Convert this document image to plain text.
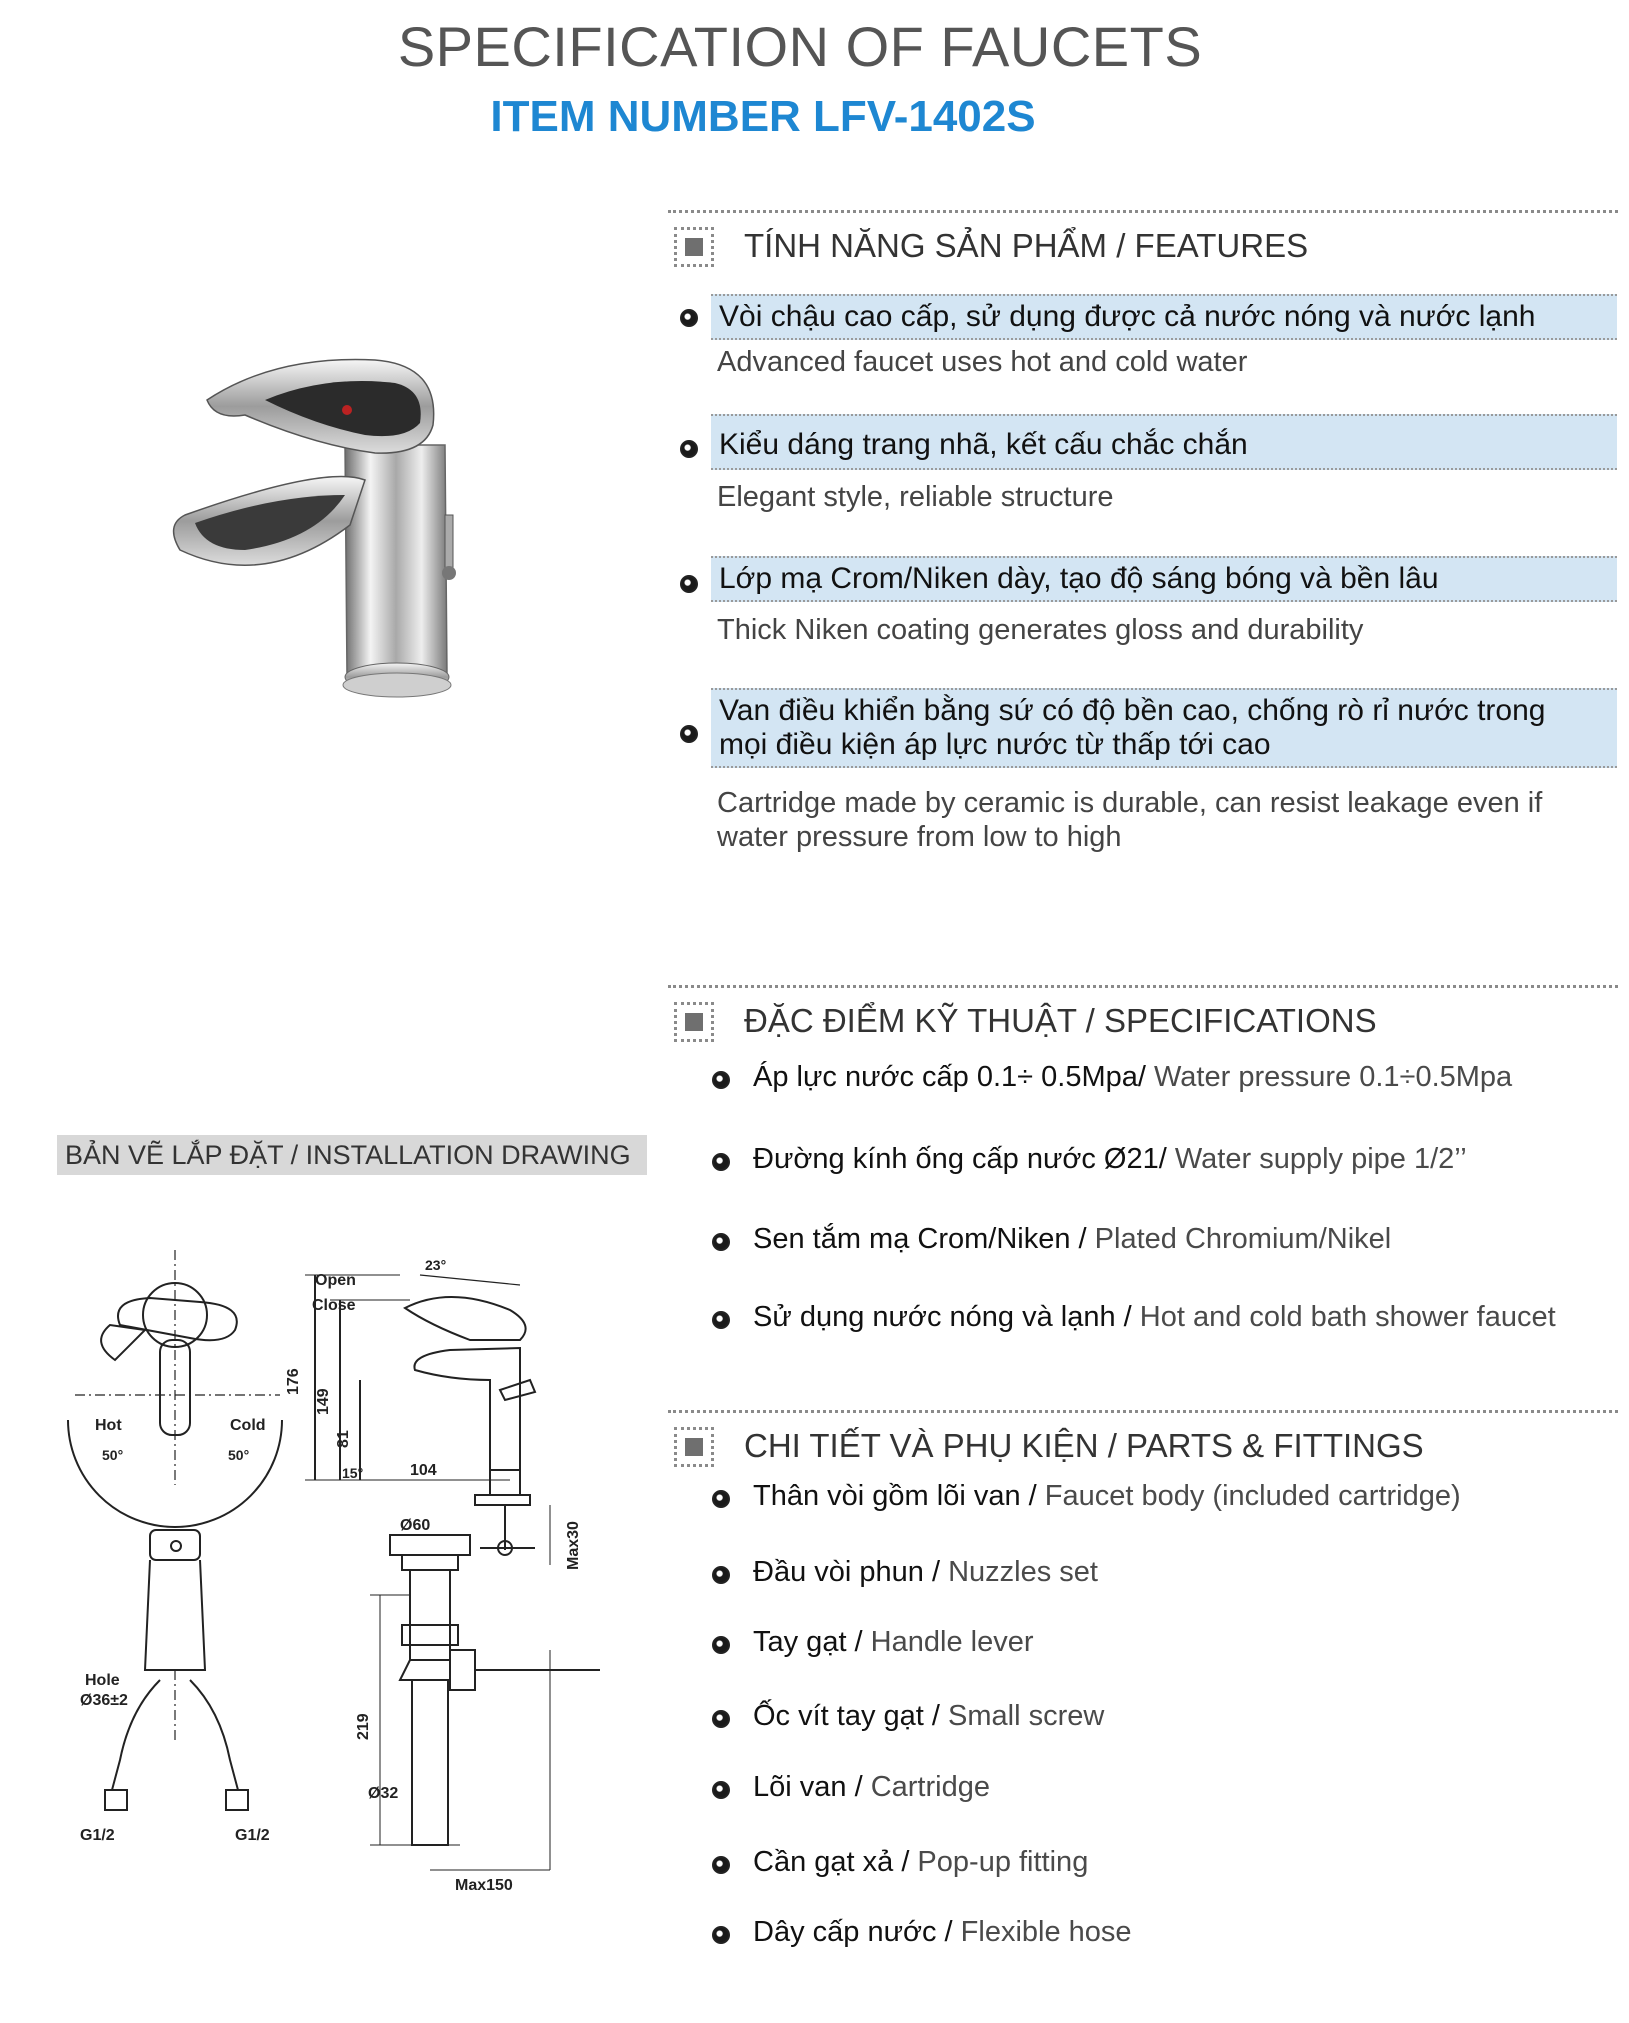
SPECIFICATION OF FAUCETS
ITEM NUMBER LFV-1402S
TÍNH NĂNG SẢN PHẨM / FEATURES
Vòi chậu cao cấp, sử dụng được cả nước nóng và nước lạnh
Advanced faucet uses hot and cold water
Kiểu dáng trang nhã, kết cấu chắc chắn
Elegant style, reliable structure
Lớp mạ Crom/Niken dày, tạo độ sáng bóng và bền lâu
Thick Niken coating generates gloss and durability
Van điều khiển bằng sứ có độ bền cao, chống rò rỉ nước trong mọi điều kiện áp lực nước từ thấp tới cao
Cartridge made by ceramic is durable, can resist leakage even if water pressure from low to high
ĐẶC ĐIỂM KỸ THUẬT / SPECIFICATIONS
Áp lực nước cấp 0.1÷ 0.5Mpa/ Water pressure 0.1÷0.5Mpa
Đường kính ống cấp nước Ø21/ Water supply pipe 1/2’’
Sen tắm mạ Crom/Niken / Plated Chromium/Nikel
Sử dụng nước nóng và lạnh / Hot and cold bath shower faucet
CHI TIẾT VÀ PHỤ KIỆN / PARTS & FITTINGS
Thân vòi gồm lõi van / Faucet body (included cartridge)
Đầu vòi phun / Nuzzles set
Tay gạt / Handle lever
Ốc vít tay gạt / Small screw
Lõi van / Cartridge
Cần gạt xả / Pop-up fitting
Dây cấp nước / Flexible hose
BẢN VẼ LẮP ĐẶT / INSTALLATION DRAWING
Hot	Cold
50°	50°
Open
Close
23°
176
149
81
15°	104
Max30
Hole
Ø36±2
G1/2	G1/2
Ø60
219
Ø32
Max150
